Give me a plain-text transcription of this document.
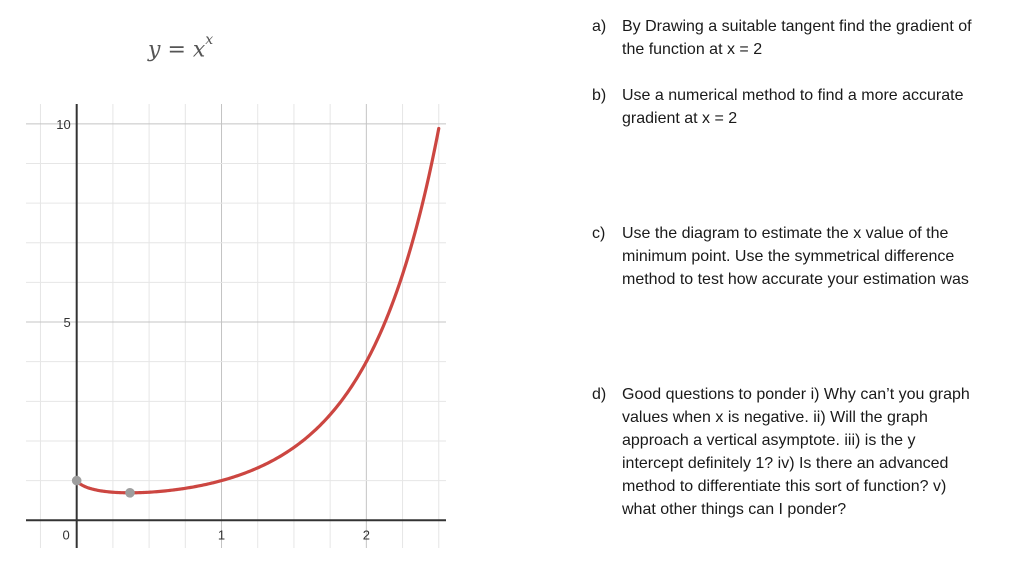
$y = x^x$
1	2
5
10
0
a) By Drawing a suitable tangent find the gradient of the function at x = 2
b) Use a numerical method to find a more accurate gradient at x = 2
c) Use the diagram to estimate the x value of the minimum point. Use the symmetrical difference method to test how accurate your estimation was
d) Good questions to ponder i) Why can’t you graph values when x is negative. ii) Will the graph approach a vertical asymptote. iii) is the y intercept definitely 1? iv) Is there an advanced method to differentiate this sort of function? v) what other things can I ponder?
